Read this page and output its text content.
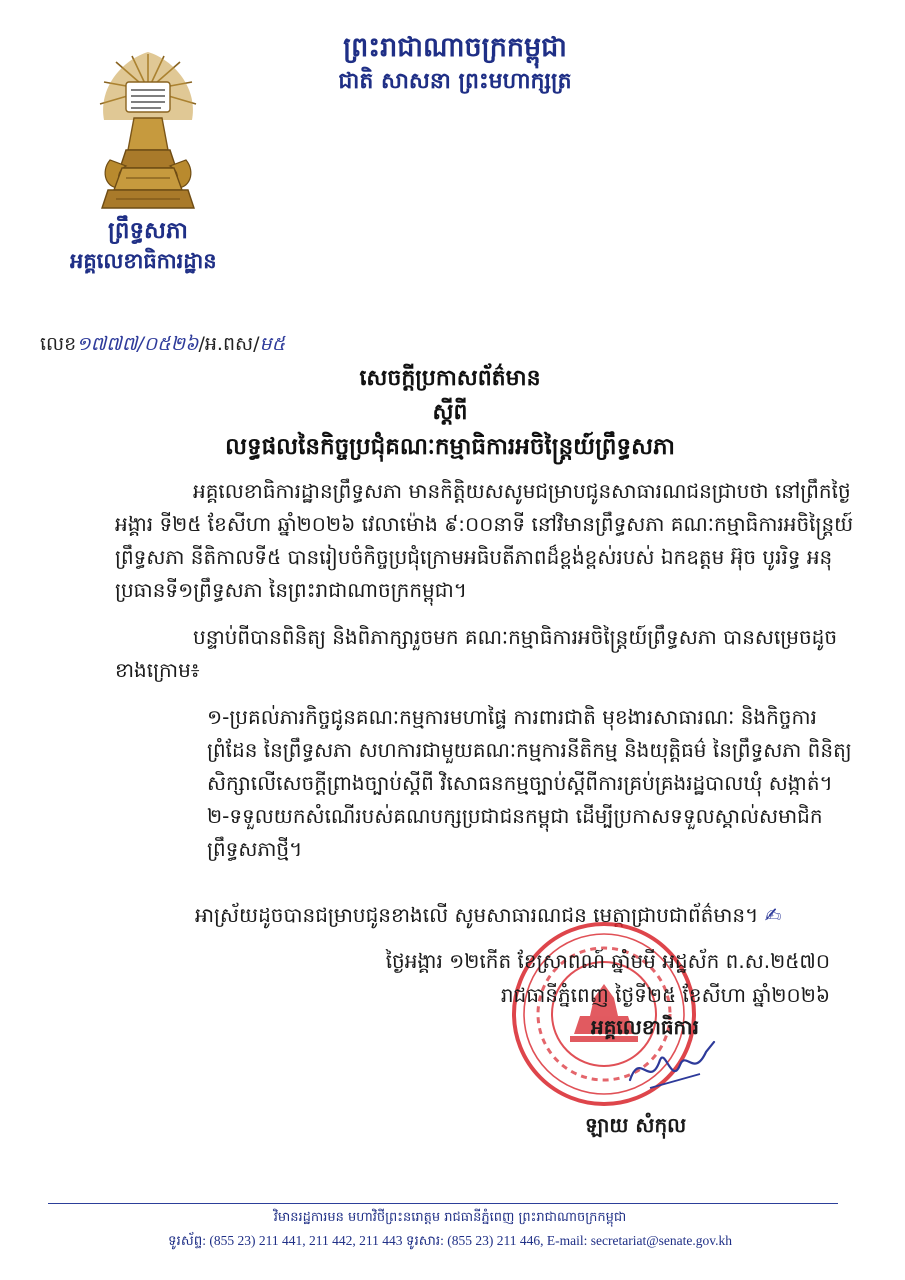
ព្រះរាជាណាចក្រកម្ពុជា
ជាតិ សាសនា ព្រះមហាក្សត្រ
ព្រឹទ្ធសភា
អគ្គលេខាធិការដ្ឋាន
លេខ១៧៧៧/០៥២៦/អ.ពស/ម៥
សេចក្តីប្រកាសព័ត៌មាន
ស្តីពី
លទ្ធផលនៃកិច្ចប្រជុំគណៈកម្មាធិការអចិន្ត្រៃយ៍ព្រឹទ្ធសភា

អគ្គលេខាធិការដ្ឋានព្រឹទ្ធសភា មានកិត្តិយសសូមជម្រាបជូនសាធារណជនជ្រាបថា នៅព្រឹកថ្ងៃអង្គារ ទី២៥ ខែសីហា ឆ្នាំ២០២៦ វេលាម៉ោង ៩:០០នាទី នៅវិមានព្រឹទ្ធសភា គណៈកម្មាធិការអចិន្ត្រៃយ៍ព្រឹទ្ធសភា នីតិកាលទី៥ បានរៀបចំកិច្ចប្រជុំក្រោមអធិបតីភាពដ៏ខ្ពង់ខ្ពស់របស់ ឯកឧត្តម អ៊ុច បូររិទ្ធ អនុប្រធានទី១ព្រឹទ្ធសភា នៃព្រះរាជាណាចក្រកម្ពុជា។

បន្ទាប់ពីបានពិនិត្យ និងពិភាក្សារួចមក គណៈកម្មាធិការអចិន្ត្រៃយ៍ព្រឹទ្ធសភា បានសម្រេចដូចខាងក្រោម៖

១-ប្រគល់ភារកិច្ចជូនគណៈកម្មការមហាផ្ទៃ ការពារជាតិ មុខងារសាធារណៈ និងកិច្ចការព្រំដែន នៃព្រឹទ្ធសភា សហការជាមួយគណៈកម្មការនីតិកម្ម និងយុត្តិធម៌ នៃព្រឹទ្ធសភា ពិនិត្យសិក្សាលើសេចក្តីព្រាងច្បាប់ស្តីពី វិសោធនកម្មច្បាប់ស្តីពីការគ្រប់គ្រងរដ្ឋបាលឃុំ សង្កាត់។

២-ទទួលយកសំណើរបស់គណបក្សប្រជាជនកម្ពុជា ដើម្បីប្រកាសទទួលស្គាល់សមាជិកព្រឹទ្ធសភាថ្មី។

អាស្រ័យដូចបានជម្រាបជូនខាងលើ សូមសាធារណជន មេត្តាជ្រាបជាព័ត៌មាន។ ✍
ថ្ងៃអង្គារ ១២កើត ខែស្រាពណ៍ ឆ្នាំមមី អដ្ឋស័ក ព.ស.២៥៧០
រាជធានីភ្នំពេញ ថ្ងៃទី២៥ ខែសីហា ឆ្នាំ២០២៦
អគ្គលេខាធិការ
ឡាយ សំកុល
វិមានរដ្ឋការមន មហាវិថីព្រះនរោត្តម រាជធានីភ្នំពេញ ព្រះរាជាណាចក្រកម្ពុជា
ទូរស័ព្ទ: (855 23) 211 441, 211 442, 211 443 ទូរសារ: (855 23) 211 446, E-mail: secretariat@senate.gov.kh
